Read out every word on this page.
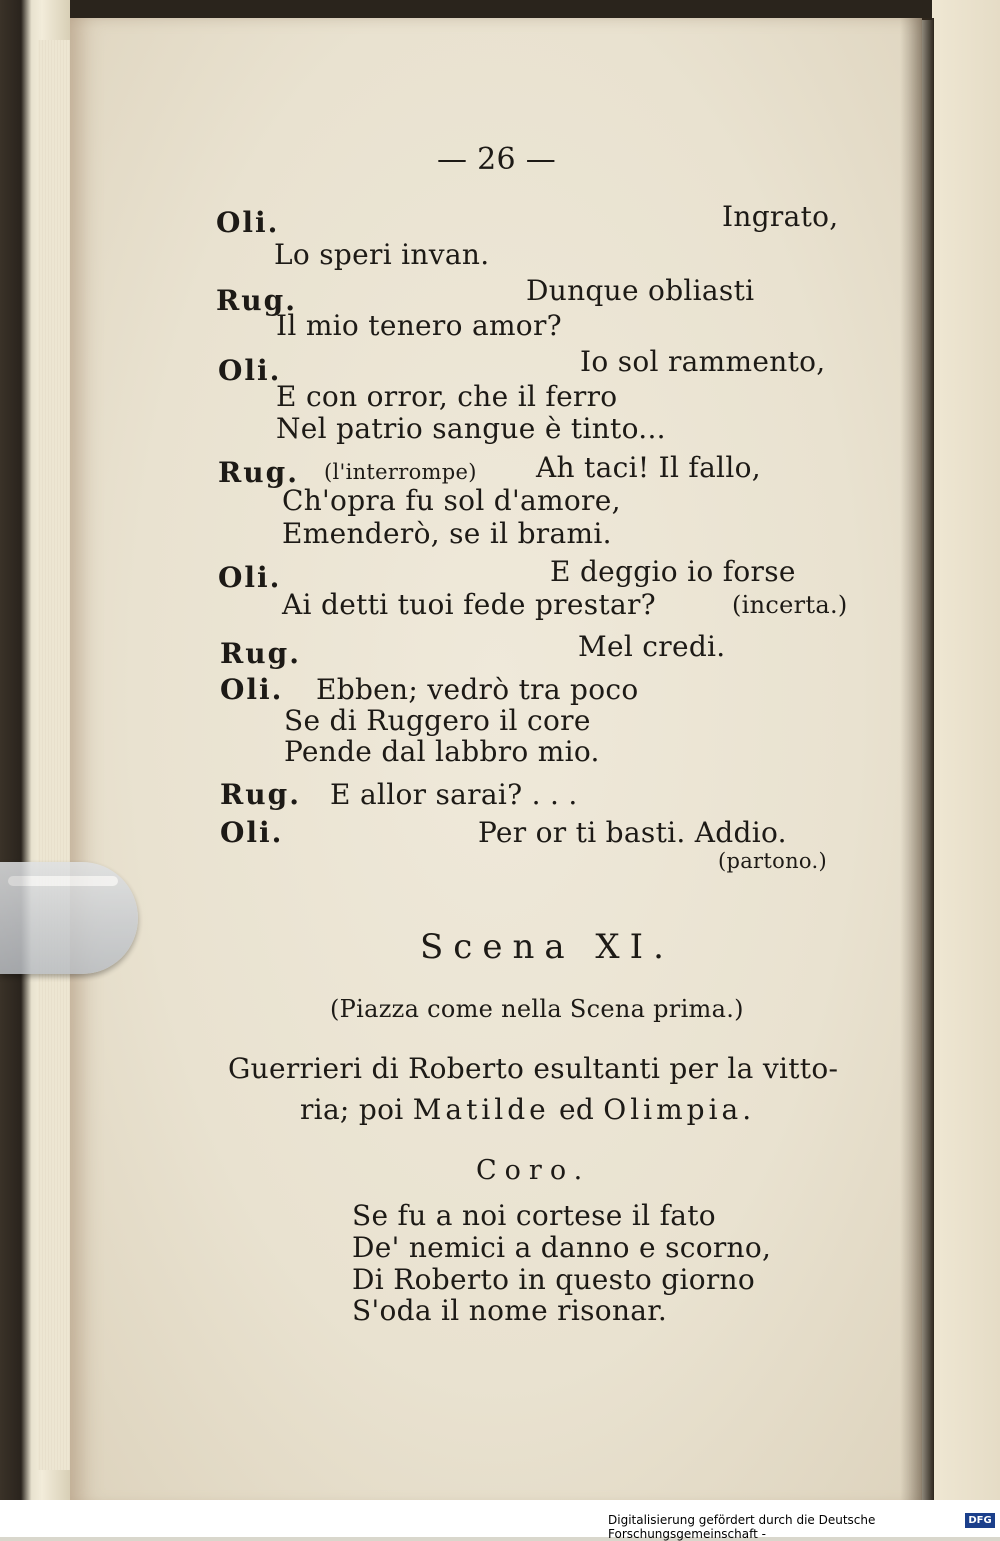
— 26 —
Oli.	Ingrato,
Lo speri invan.
Rug.	Dunque obliasti
Il mio tenero amor?
Oli.	Io sol rammento,
E con orror, che il ferro
Nel patrio sangue è tinto...
Rug. (l'interrompe) Ah taci! Il fallo,
Ch'opra fu sol d'amore,
Emenderò, se il brami.
Oli.	E deggio io forse
Ai detti tuoi fede prestar?	(incerta.)
Rug.	Mel credi.
Oli. Ebben; vedrò tra poco
Se di Ruggero il core
Pende dal labbro mio.
Rug. E allor sarai? . . .
Oli.	Per or ti basti. Addio.
(partono.)
Scena XI.
(Piazza come nella Scena prima.)
Guerrieri di Roberto esultanti per la vitto-
ria; poi Matilde ed Olimpia.
Coro.
Se fu a noi cortese il fato
De' nemici a danno e scorno,
Di Roberto in questo giorno
S'oda il nome risonar.
Digitalisierung gefördert durch die Deutsche Forschungsgemeinschaft -
DFG
